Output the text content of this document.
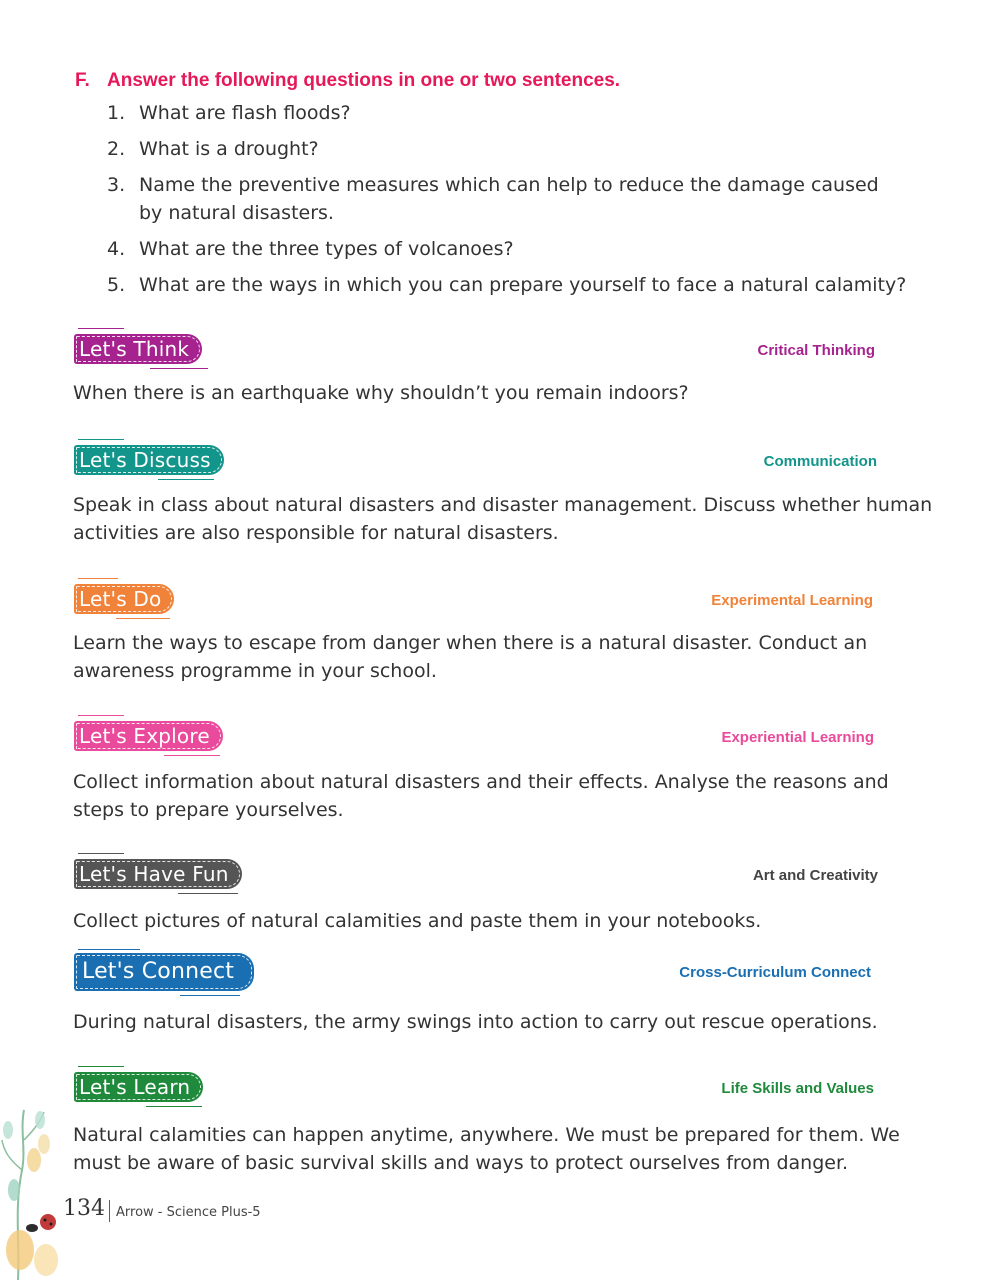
F. Answer the following questions in one or two sentences.
1. What are flash floods?
2. What is a drought?
3. Name the preventive measures which can help to reduce the damage caused by natural disasters.
4. What are the three types of volcanoes?
5. What are the ways in which you can prepare yourself to face a natural calamity?
Let's Think	Critical Thinking
When there is an earthquake why shouldn’t you remain indoors?
Let's Discuss	Communication
Speak in class about natural disasters and disaster management. Discuss whether human activities are also responsible for natural disasters.
Let's Do	Experimental Learning
Learn the ways to escape from danger when there is a natural disaster. Conduct an awareness programme in your school.
Let's Explore	Experiential Learning
Collect information about natural disasters and their effects. Analyse the reasons and steps to prepare yourselves.
Let's Have Fun	Art and Creativity
Collect pictures of natural calamities and paste them in your notebooks.
Let's Connect	Cross-Curriculum Connect
During natural disasters, the army swings into action to carry out rescue operations.
Let's Learn	Life Skills and Values
Natural calamities can happen anytime, anywhere. We must be prepared for them. We must be aware of basic survival skills and ways to protect ourselves from danger.
134 Arrow - Science Plus-5
